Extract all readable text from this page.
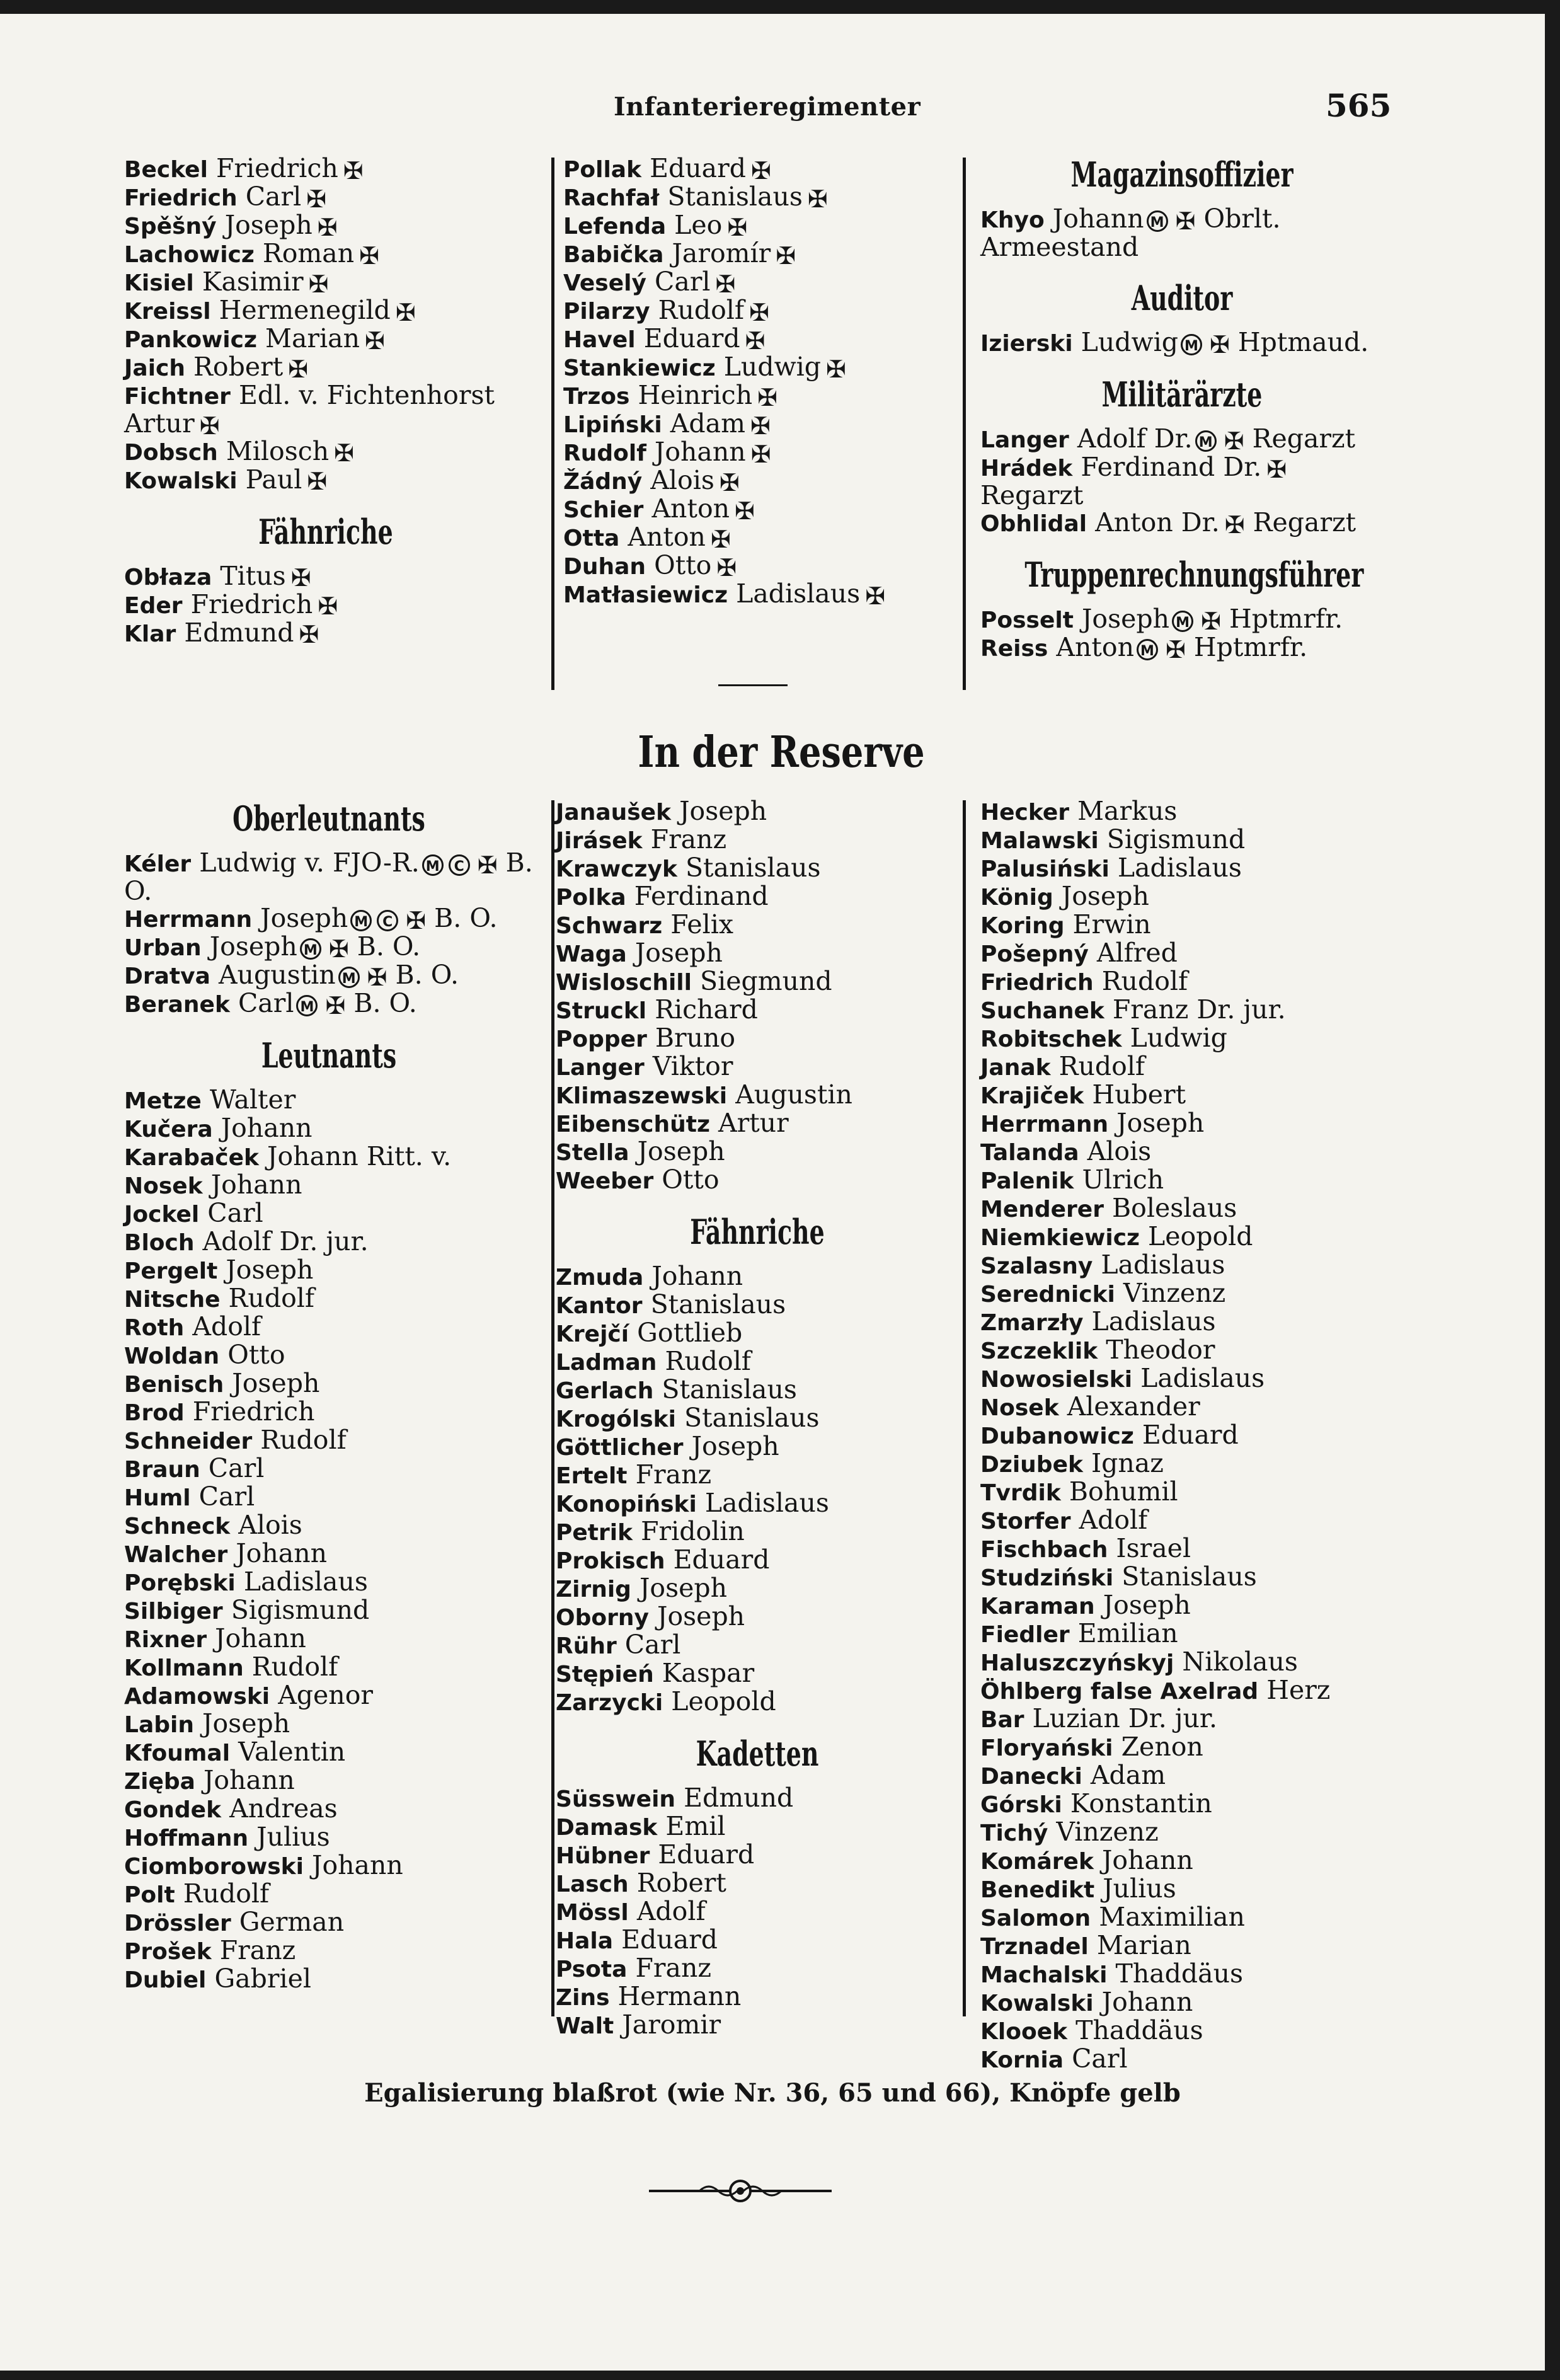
Infanterieregimenter	565
Beckel Friedrich ✠
Friedrich Carl ✠
Spěšný Joseph ✠
Lachowicz Roman ✠
Kisiel Kasimir ✠
Kreissl Hermenegild ✠
Pankowicz Marian ✠
Jaich Robert ✠
Fichtner Edl. v. Fichtenhorst Artur ✠
Dobsch Milosch ✠
Kowalski Paul ✠
Fähnriche
Obłaza Titus ✠
Eder Friedrich ✠
Klar Edmund ✠
Pollak Eduard ✠
Rachfał Stanislaus ✠
Lefenda Leo ✠
Babička Jaromír ✠
Veselý Carl ✠
Pilarzy Rudolf ✠
Havel Eduard ✠
Stankiewicz Ludwig ✠
Trzos Heinrich ✠
Lipiński Adam ✠
Rudolf Johann ✠
Žádný Alois ✠
Schier Anton ✠
Otta Anton ✠
Duhan Otto ✠
Matłasiewicz Ladislaus ✠
Magazinsoffizier
Khyo Johann M ✠ Obrlt. Armeestand
Auditor
Izierski Ludwig M ✠ Hptmaud.
Militärärzte
Langer Adolf Dr. M ✠ Regarzt
Hrádek Ferdinand Dr. ✠ Regarzt
Obhlidal Anton Dr. ✠ Regarzt
Truppenrechnungsführer
Posselt Joseph M ✠ Hptmrfr.
Reiss Anton M ✠ Hptmrfr.
In der Reserve
Oberleutnants
Kéler Ludwig v. FJO-R. M C ✠ B. O.
Herrmann Joseph M C ✠ B. O.
Urban Joseph M ✠ B. O.
Dratva Augustin M ✠ B. O.
Beranek Carl M ✠ B. O.
Leutnants
Metze Walter
Kučera Johann
Karabaček Johann Ritt. v.
Nosek Johann
Jockel Carl
Bloch Adolf Dr. jur.
Pergelt Joseph
Nitsche Rudolf
Roth Adolf
Woldan Otto
Benisch Joseph
Brod Friedrich
Schneider Rudolf
Braun Carl
Huml Carl
Schneck Alois
Walcher Johann
Porębski Ladislaus
Silbiger Sigismund
Rixner Johann
Kollmann Rudolf
Adamowski Agenor
Labin Joseph
Kfoumal Valentin
Zięba Johann
Gondek Andreas
Hoffmann Julius
Ciomborowski Johann
Polt Rudolf
Drössler German
Prošek Franz
Dubiel Gabriel
Janaušek Joseph
Jirásek Franz
Krawczyk Stanislaus
Polka Ferdinand
Schwarz Felix
Waga Joseph
Wisloschill Siegmund
Struckl Richard
Popper Bruno
Langer Viktor
Klimaszewski Augustin
Eibenschütz Artur
Stella Joseph
Weeber Otto
Fähnriche
Zmuda Johann
Kantor Stanislaus
Krejčí Gottlieb
Ladman Rudolf
Gerlach Stanislaus
Krogólski Stanislaus
Göttlicher Joseph
Ertelt Franz
Konopiński Ladislaus
Petrik Fridolin
Prokisch Eduard
Zirnig Joseph
Oborny Joseph
Rühr Carl
Stępień Kaspar
Zarzycki Leopold
Kadetten
Süsswein Edmund
Damask Emil
Hübner Eduard
Lasch Robert
Mössl Adolf
Hala Eduard
Psota Franz
Zins Hermann
Walt Jaromir
Hecker Markus
Malawski Sigismund
Palusiński Ladislaus
König Joseph
Koring Erwin
Pošepný Alfred
Friedrich Rudolf
Suchanek Franz Dr. jur.
Robitschek Ludwig
Janak Rudolf
Krajiček Hubert
Herrmann Joseph
Talanda Alois
Palenik Ulrich
Menderer Boleslaus
Niemkiewicz Leopold
Szalasny Ladislaus
Serednicki Vinzenz
Zmarzły Ladislaus
Szczeklik Theodor
Nowosielski Ladislaus
Nosek Alexander
Dubanowicz Eduard
Dziubek Ignaz
Tvrdik Bohumil
Storfer Adolf
Fischbach Israel
Studziński Stanislaus
Karaman Joseph
Fiedler Emilian
Haluszczyńskyj Nikolaus
Öhlberg false Axelrad Herz
Bar Luzian Dr. jur.
Floryański Zenon
Danecki Adam
Górski Konstantin
Tichý Vinzenz
Komárek Johann
Benedikt Julius
Salomon Maximilian
Trznadel Marian
Machalski Thaddäus
Kowalski Johann
Klooek Thaddäus
Kornia Carl
Egalisierung blaßrot (wie Nr. 36, 65 und 66), Knöpfe gelb
